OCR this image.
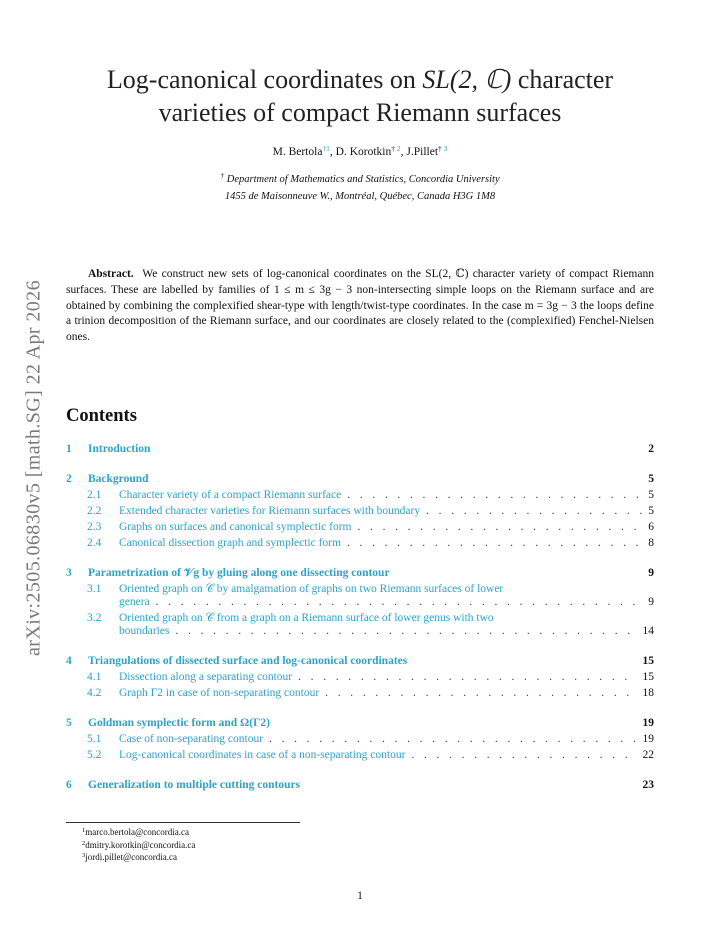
arXiv:2505.06830v5 [math.SG] 22 Apr 2026
Log-canonical coordinates on SL(2, ℂ) character
varieties of compact Riemann surfaces
M. Bertola$^{\dagger 1}$, D. Korotkin† $^2$, J.Pillet† $^3$
† Department of Mathematics and Statistics, Concordia University
1455 de Maisonneuve W., Montréal, Québec, Canada H3G 1M8
Abstract. We construct new sets of log-canonical coordinates on the SL(2, ℂ) character variety of compact Riemann surfaces. These are labelled by families of 1 ≤ m ≤ 3g − 3 non-intersecting simple loops on the Riemann surface and are obtained by combining the complexified shear-type with length/twist-type coordinates. In the case m = 3g − 3 the loops define a trinion decomposition of the Riemann surface, and our coordinates are closely related to the (complexified) Fenchel-Nielsen ones.
Contents
1	Introduction	2
2	Background	5
2.1	Character variety of a compact Riemann surface . . .	5
2.2	Extended character varieties for Riemann surfaces with boundary . . .	5
2.3	Graphs on surfaces and canonical symplectic form . . .	6
2.4	Canonical dissection graph and symplectic form . . .	8
3	Parametrization of 𝒱g by gluing along one dissecting contour	9
3.1	Oriented graph on 𝒞 by amalgamation of graphs on two Riemann surfaces of lower
genera . . .	9
3.2	Oriented graph on 𝒞 from a graph on a Riemann surface of lower genus with two
boundaries . . .	14
4	Triangulations of dissected surface and log-canonical coordinates	15
4.1	Dissection along a separating contour . . .	15
4.2	Graph Γ2 in case of non-separating contour . . .	18
5	Goldman symplectic form and Ω(Γ2)	19
5.1	Case of non-separating contour . . .	19
5.2	Log-canonical coordinates in case of a non-separating contour . . .	22
6	Generalization to multiple cutting contours	23
$^1$marco.bertola@concordia.ca
$^2$dmitry.korotkin@concordia.ca
$^3$jordi.pillet@concordia.ca
1
